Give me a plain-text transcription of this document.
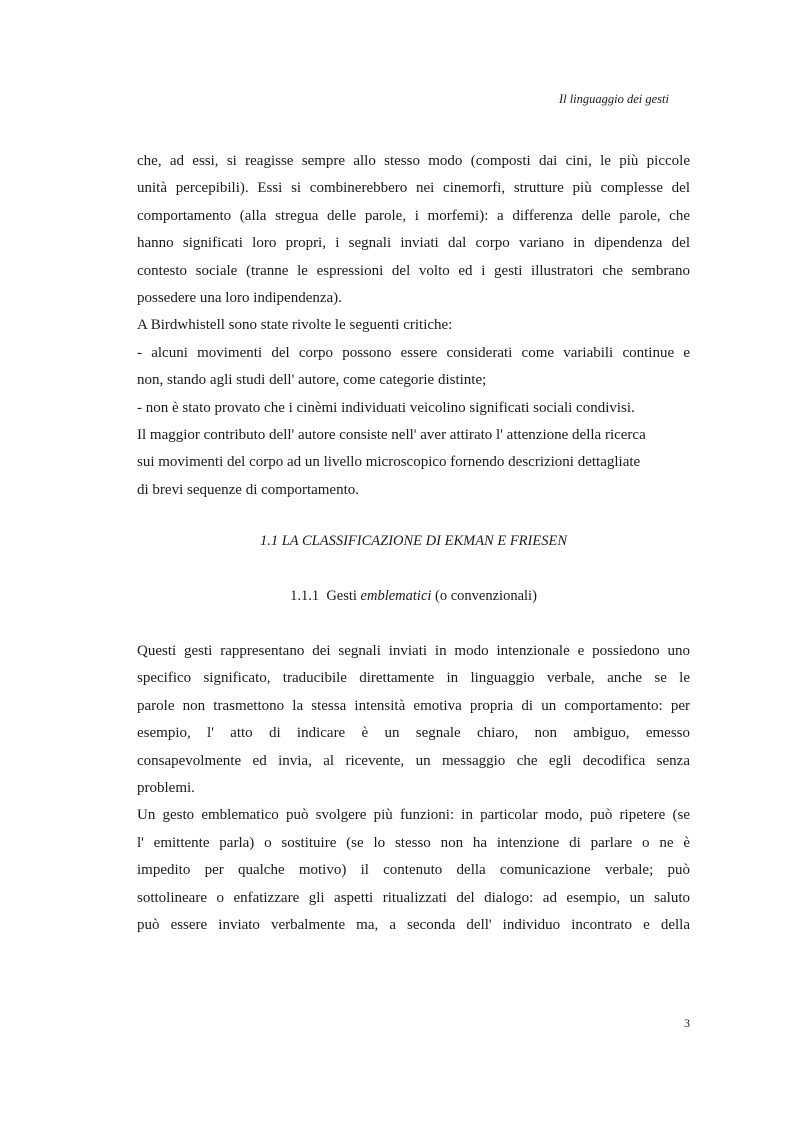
Il linguaggio dei gesti
che, ad essi, si reagisse sempre allo stesso modo (composti dai cini, le più piccole
unità percepibili). Essi si combinerebbero nei cinemorfi, strutture più complesse del
comportamento (alla stregua delle parole, i morfemi): a differenza delle parole, che
hanno significati loro propri, i segnali inviati dal corpo variano in dipendenza del
contesto sociale (tranne le espressioni del volto ed i gesti illustratori che sembrano
possedere una loro indipendenza).
A Birdwhistell sono state rivolte le seguenti critiche:
- alcuni movimenti del corpo possono essere considerati come variabili continue e
non, stando agli studi dell' autore, come categorie distinte;
- non è stato provato che i cinèmi individuati veicolino significati sociali condivisi.
Il maggior contributo dell' autore consiste nell' aver attirato l' attenzione della ricerca
sui movimenti del corpo ad un livello microscopico fornendo descrizioni dettagliate
di brevi sequenze di comportamento.
1.1 LA CLASSIFICAZIONE DI EKMAN E FRIESEN
1.1.1 Gesti emblematici (o convenzionali)
Questi gesti rappresentano dei segnali inviati in modo intenzionale e possiedono uno
specifico significato, traducibile direttamente in linguaggio verbale, anche se le
parole non trasmettono la stessa intensità emotiva propria di un comportamento: per
esempio, l' atto di indicare è un segnale chiaro, non ambiguo, emesso
consapevolmente ed invia, al ricevente, un messaggio che egli decodifica senza
problemi.
Un gesto emblematico può svolgere più funzioni: in particolar modo, può ripetere (se
l' emittente parla) o sostituire (se lo stesso non ha intenzione di parlare o ne è
impedito per qualche motivo) il contenuto della comunicazione verbale; può
sottolineare o enfatizzare gli aspetti ritualizzati del dialogo: ad esempio, un saluto
può essere inviato verbalmente ma, a seconda dell' individuo incontrato e della
3
